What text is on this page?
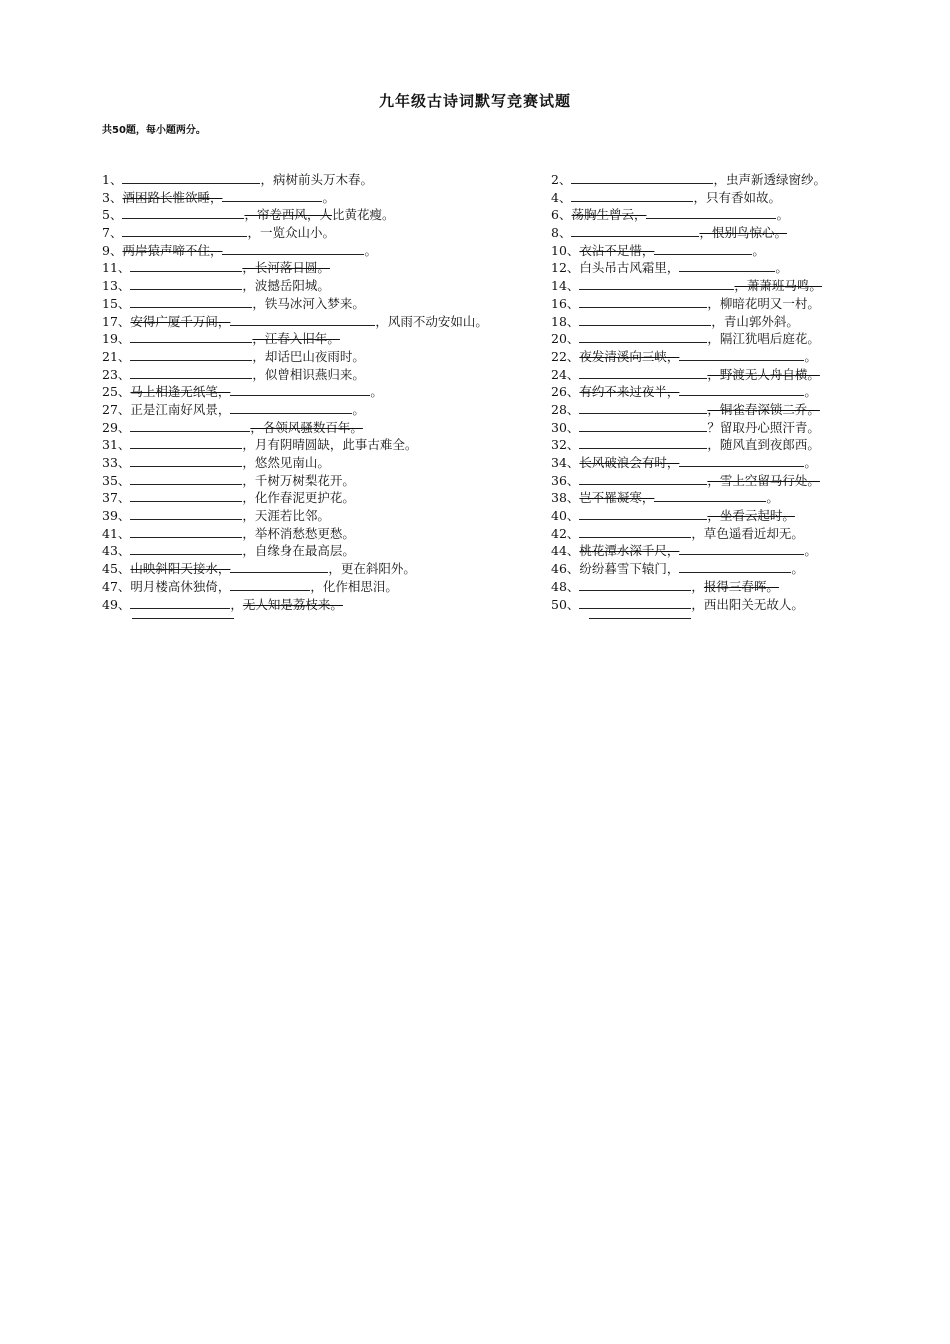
九年级古诗词默写竞赛试题
共50题，每小题两分。
1、	，病树前头万木春。
3、 酒困路长惟欲睡，	。
5、	，帘卷西风，人 比黄花瘦。
7、	，一览众山小。
9、 两岸猿声啼不住，	。
11、	，长河落日圆。
13、	，波撼岳阳城。
15、	，铁马冰河入梦来。
17、 安得广厦千万间，	，风雨不动安如山。
19、	，江春入旧年。
21、	，却话巴山夜雨时。
23、	，似曾相识燕归来。
25、 马上相逢无纸笔，	。
27、 正是江南好风景，	。
29、	，各领风骚数百年。
31、	，月有阴晴圆缺，此事古难全。
33、	，悠然见南山。
35、	，千树万树梨花开。
37、	，化作春泥更护花。
39、	，天涯若比邻。
41、	，举杯消愁愁更愁。
43、	，自缘身在最高层。
45、 山映斜阳天接水，	，更在斜阳外。
47、 明月楼高休独倚，	，化作相思泪。
49、	， 无人知是荔枝来。
2、	，虫声新透绿窗纱。
4、	，只有香如故。
6、 荡胸生曾云，	。
8、	，恨别鸟惊心。
10、 衣沾不足惜，	。
12、 白头吊古风霜里，	。
14、	，萧萧班马鸣。
16、	，柳暗花明又一村。
18、	，青山郭外斜。
20、	，隔江犹唱后庭花。
22、 夜发清溪向三峡，	。
24、	，野渡无人舟自横。
26、 有约不来过夜半，	。
28、	，铜雀春深锁二乔。
30、	？留取丹心照汗青。
32、	，随风直到夜郎西。
34、 长风破浪会有时，	。
36、	，雪上空留马行处。
38、 岂不罹凝寒，	。
40、	，坐看云起时。
42、	，草色遥看近却无。
44、 桃花潭水深千尺，	。
46、 纷纷暮雪下辕门，	。
48、	， 报得三春晖。
50、	，西出阳关无故人。
